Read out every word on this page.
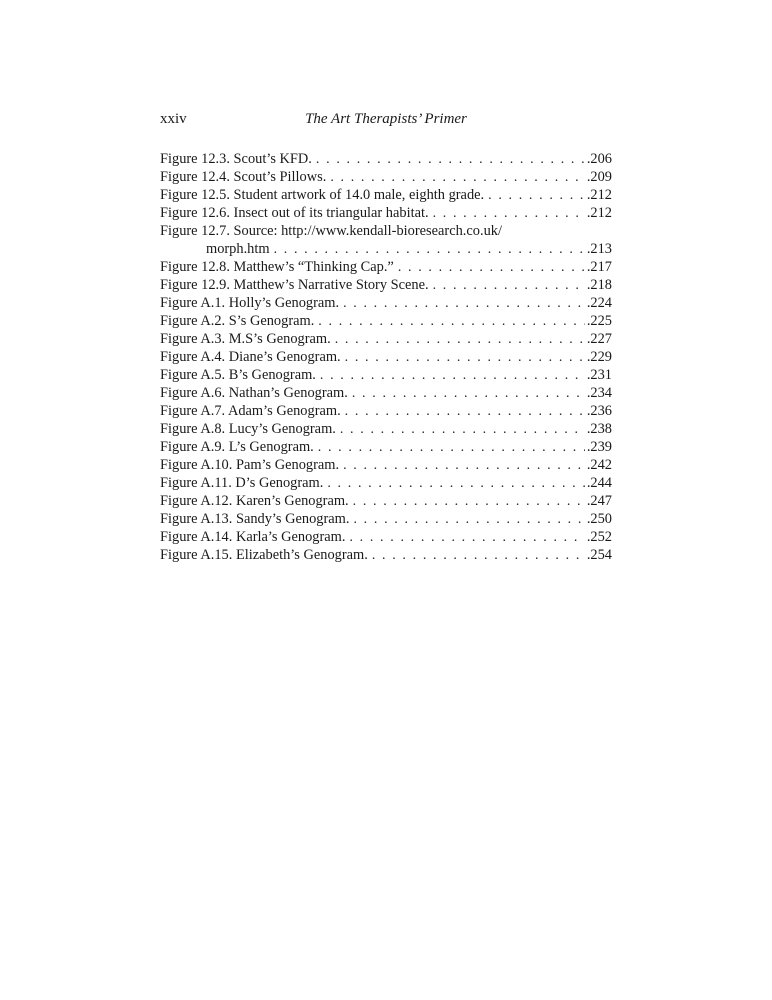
xxiv	The Art Therapists’ Primer
Figure 12.3. Scout’s KFD. . . .	.206
Figure 12.4. Scout’s Pillows. . . .	.209
Figure 12.5. Student artwork of 14.0 male, eighth grade. . . .	.212
Figure 12.6. Insect out of its triangular habitat. . . .	.212
Figure 12.7. Source: http://www.kendall-bioresearch.co.uk/
morph.htm . . .	.213
Figure 12.8. Matthew’s “Thinking Cap.” . . .	.217
Figure 12.9. Matthew’s Narrative Story Scene. . . .	.218
Figure A.1. Holly’s Genogram. . . .	.224
Figure A.2. S’s Genogram. . . .	.225
Figure A.3. M.S’s Genogram. . . .	.227
Figure A.4. Diane’s Genogram. . . .	.229
Figure A.5. B’s Genogram. . . .	.231
Figure A.6. Nathan’s Genogram. . . .	.234
Figure A.7. Adam’s Genogram. . . .	.236
Figure A.8. Lucy’s Genogram. . . .	.238
Figure A.9. L’s Genogram. . . .	.239
Figure A.10. Pam’s Genogram. . . .	.242
Figure A.11. D’s Genogram. . . .	.244
Figure A.12. Karen’s Genogram. . . .	.247
Figure A.13. Sandy’s Genogram. . . .	.250
Figure A.14. Karla’s Genogram. . . .	.252
Figure A.15. Elizabeth’s Genogram. . . .	.254
